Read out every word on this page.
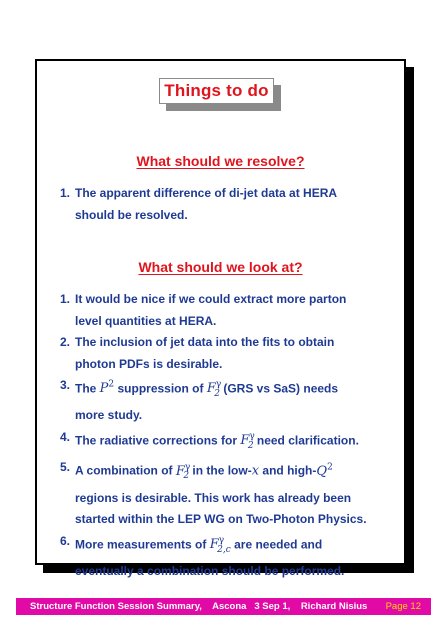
Things to do
What should we resolve?
1. The apparent difference of di-jet data at HERA
should be resolved.
What should we look at?
1. It would be nice if we could extract more parton
level quantities at HERA.
2. The inclusion of jet data into the fits to obtain
photon PDFs is desirable.
3. The $P^2$ suppression of $F^\gamma_2$ (GRS vs SaS) needs
more study.
4. The radiative corrections for $F^\gamma_2$ need clarification.
5. A combination of $F^\gamma_2$ in the low-x and high-$Q^2$
regions is desirable. This work has already been
started within the LEP WG on Two-Photon Physics.
6. More measurements of $F^\gamma_{2,c}$ are needed and
eventually a combination should be performed.
Structure Function Session Summary,    Ascona   3 Sep 1,    Richard Nisius Page 12
